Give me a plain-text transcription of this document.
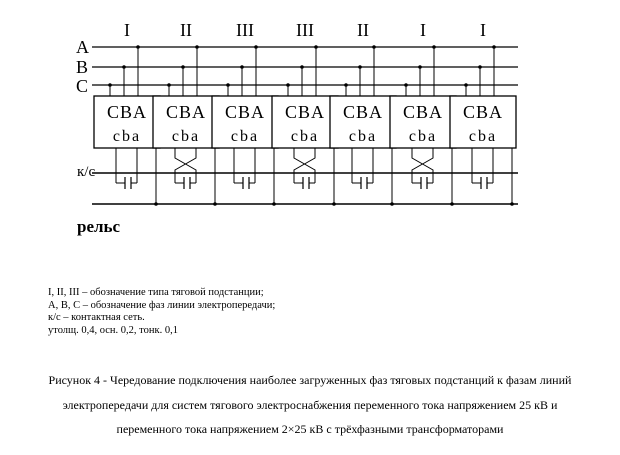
A
B
C
к/с
рельс
I
CBA
cba
II
CBA
cba
III
CBA
cba
III
CBA
cba
II
CBA
cba
I
CBA
cba
I
CBA
cba
I, II, III – обозначение типа тяговой подстанции;
A, B, C – обозначение фаз линии электропередачи;
к/с – контактная сеть.
утолщ. 0,4, осн. 0,2, тонк. 0,1
Рисунок 4 - Чередование подключения наиболее загруженных фаз тяговых подстанций к фазам линий
электропередачи для систем тягового электроснабжения переменного тока напряжением 25 кВ и
переменного тока напряжением 2×25 кВ с трёхфазными трансформаторами
